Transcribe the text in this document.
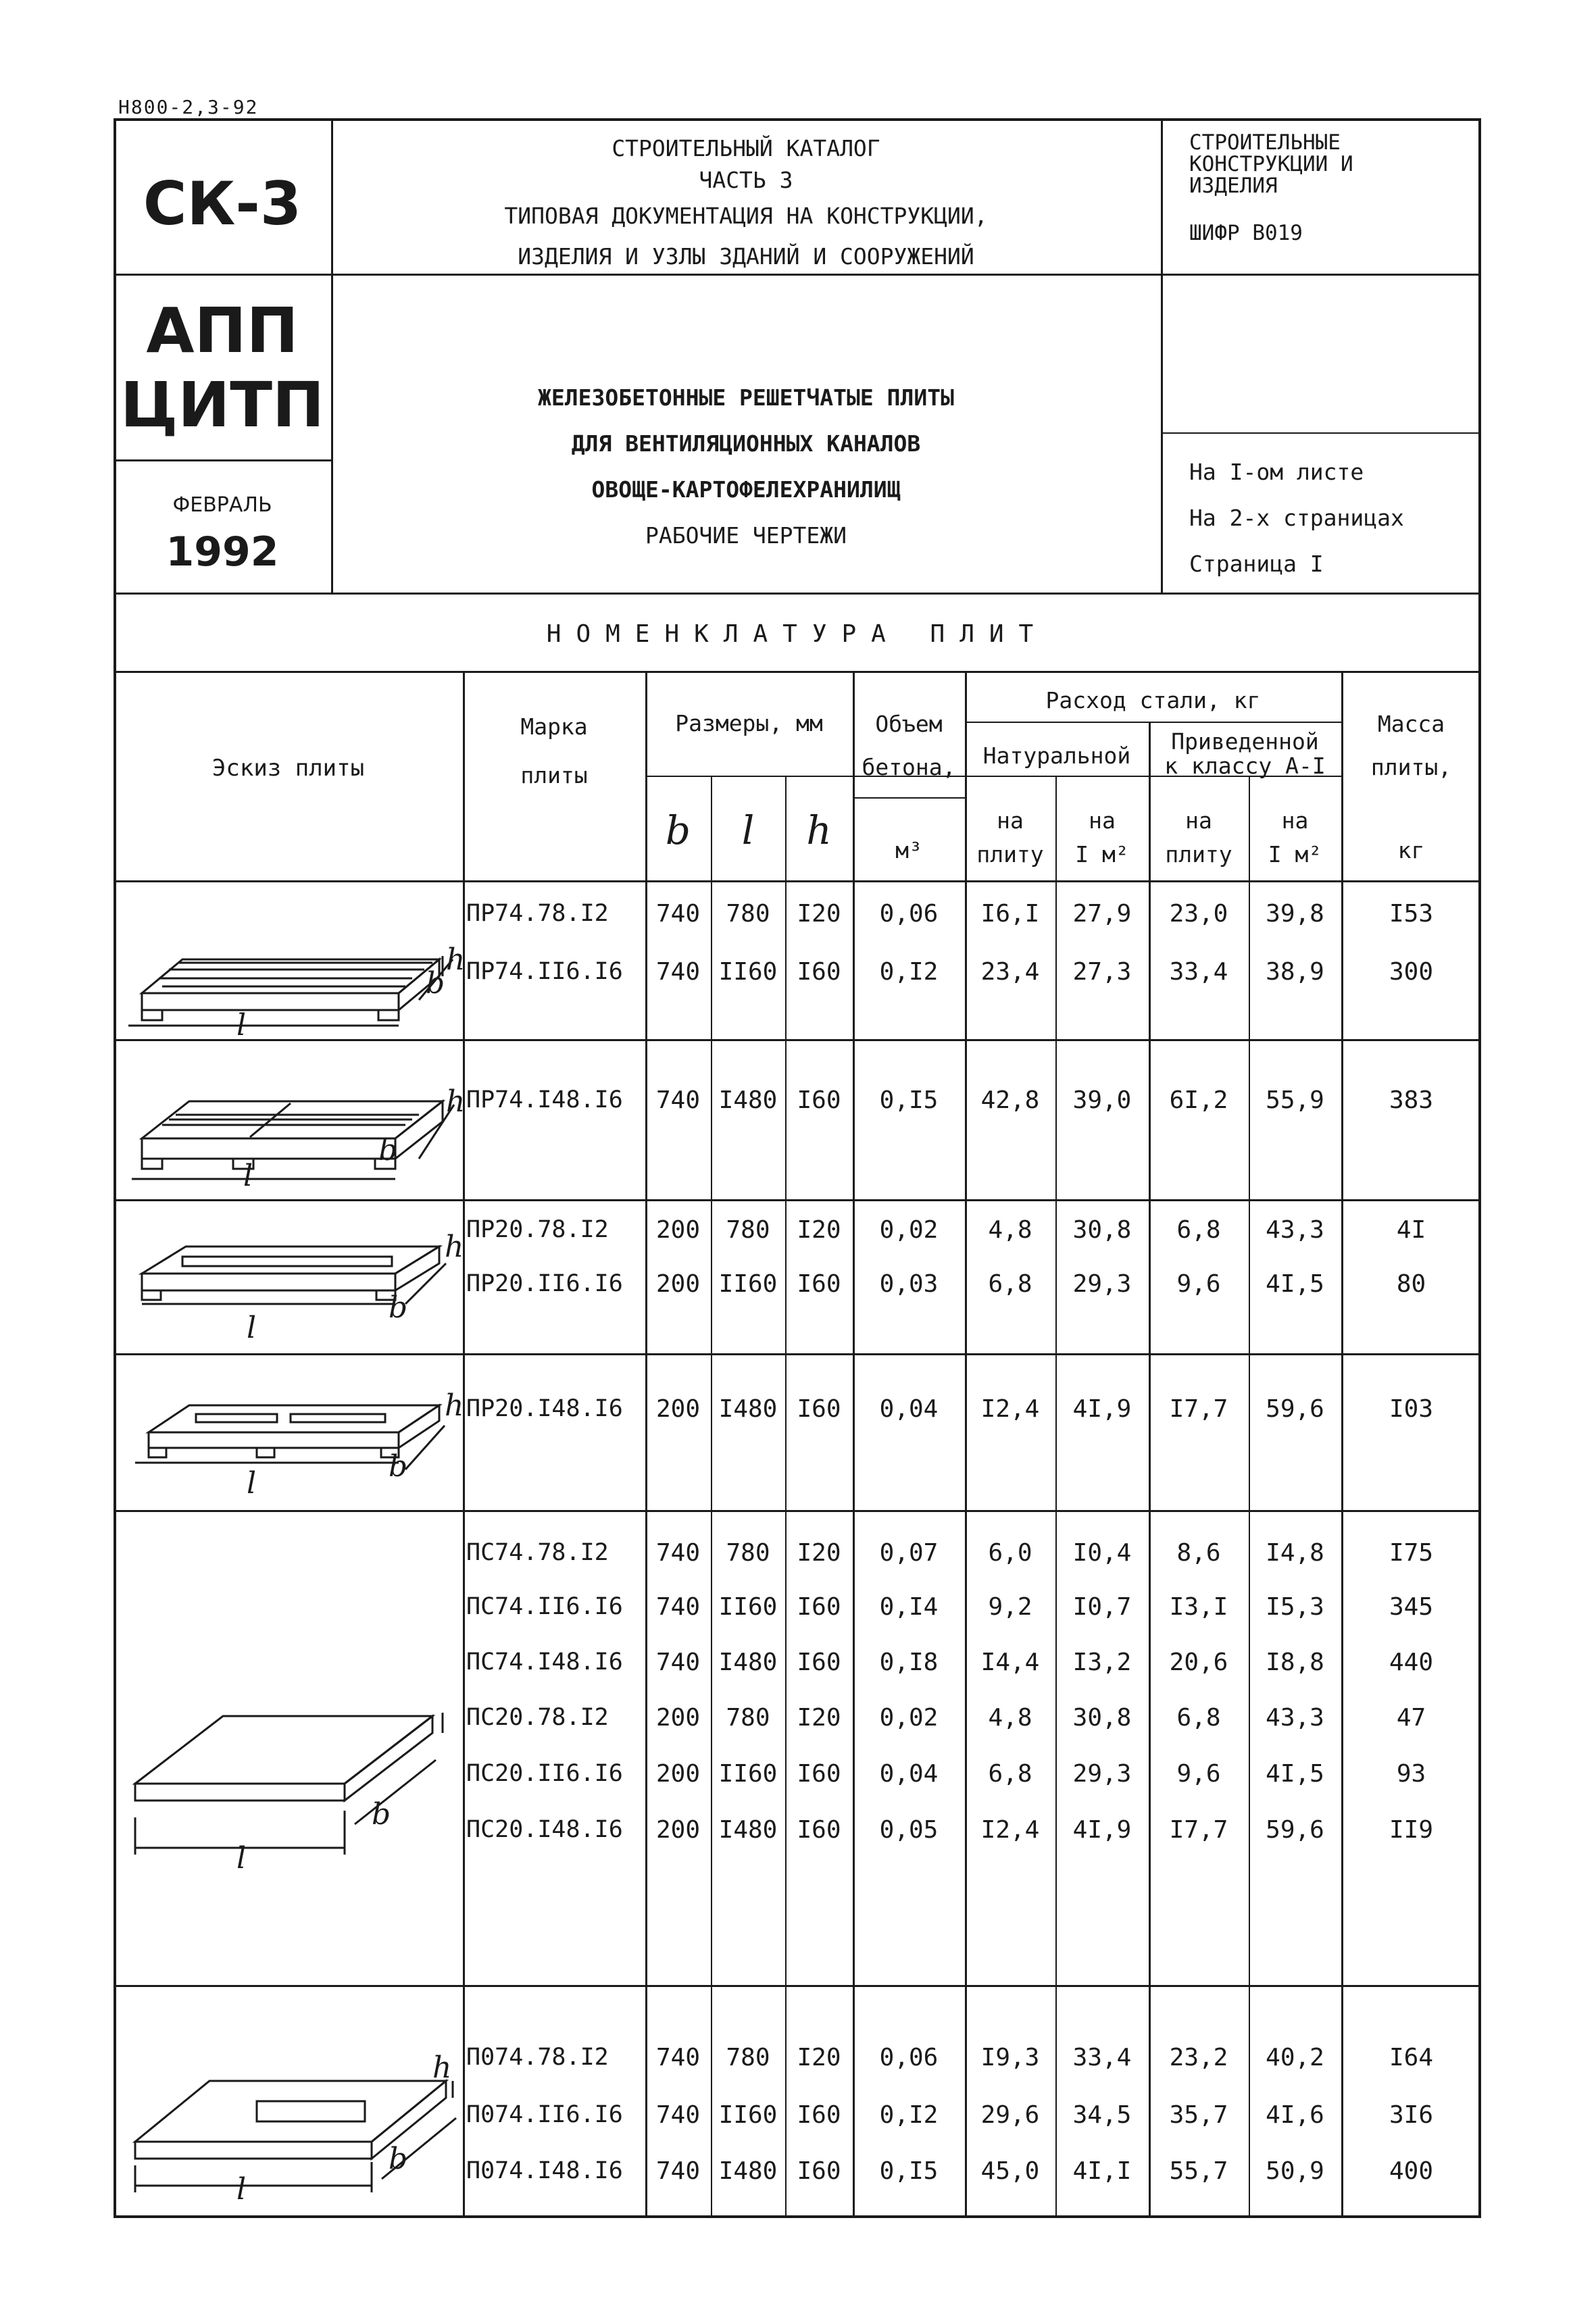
Н800-2,3-92
СК-3
АПП
ЦИТП
ФЕВРАЛЬ
1992
СТРОИТЕЛЬНЫЙ КАТАЛОГ
ЧАСТЬ 3
ТИПОВАЯ ДОКУМЕНТАЦИЯ НА КОНСТРУКЦИИ,
ИЗДЕЛИЯ И УЗЛЫ ЗДАНИЙ И СООРУЖЕНИЙ
СТРОИТЕЛЬНЫЕ
КОНСТРУКЦИИ И
ИЗДЕЛИЯ
ШИФР В019
ЖЕЛЕЗОБЕТОННЫЕ РЕШЕТЧАТЫЕ ПЛИТЫ
ДЛЯ ВЕНТИЛЯЦИОННЫХ КАНАЛОВ
ОВОЩЕ-КАРТОФЕЛЕХРАНИЛИЩ
РАБОЧИЕ ЧЕРТЕЖИ
На I-ом листе
На 2-х страницах
Страница I
НОМЕНКЛАТУРА ПЛИТ
Эскиз плиты
Марка
плиты
Размеры, мм
b	l	h
Объем
бетона,
м³
Расход стали, кг
Натуральной
Приведенной
к классу А-I
на
плиту
на
I м²
на
плиту
на
I м²
Масса
плиты,
кг
ПР74.78.I2	740	780	I20	0,06	I6,I	27,9	23,0	39,8	I53
ПР74.II6.I6	740 II60 I60	0,I2	23,4	27,3	33,4	38,9	300
ПР74.I48.I6	740 I480 I60	0,I5	42,8	39,0	6I,2	55,9	383
ПР20.78.I2	200	780	I20	0,02	4,8	30,8	6,8	43,3	4I
ПР20.II6.I6	200 II60 I60	0,03	6,8	29,3	9,6	4I,5	80
ПР20.I48.I6	200 I480 I60	0,04	I2,4	4I,9	I7,7	59,6	I03
ПС74.78.I2	740	780	I20	0,07	6,0	I0,4	8,6	I4,8	I75
ПС74.II6.I6	740 II60 I60	0,I4	9,2	I0,7	I3,I	I5,3	345
ПС74.I48.I6	740 I480 I60	0,I8	I4,4	I3,2	20,6	I8,8	440
ПС20.78.I2	200	780	I20	0,02	4,8	30,8	6,8	43,3	47
ПС20.II6.I6	200 II60 I60	0,04	6,8	29,3	9,6	4I,5	93
ПС20.I48.I6	200 I480 I60	0,05	I2,4	4I,9	I7,7	59,6	II9
П074.78.I2	740	780	I20	0,06	I9,3	33,4	23,2	40,2	I64
П074.II6.I6	740 II60 I60	0,I2	29,6	34,5	35,7	4I,6	3I6
П074.I48.I6	740 I480 I60	0,I5	45,0	4I,I	55,7	50,9	400
l
b
h
l
b
h
l
b
h
l	b
h
l
b
l
b
h
